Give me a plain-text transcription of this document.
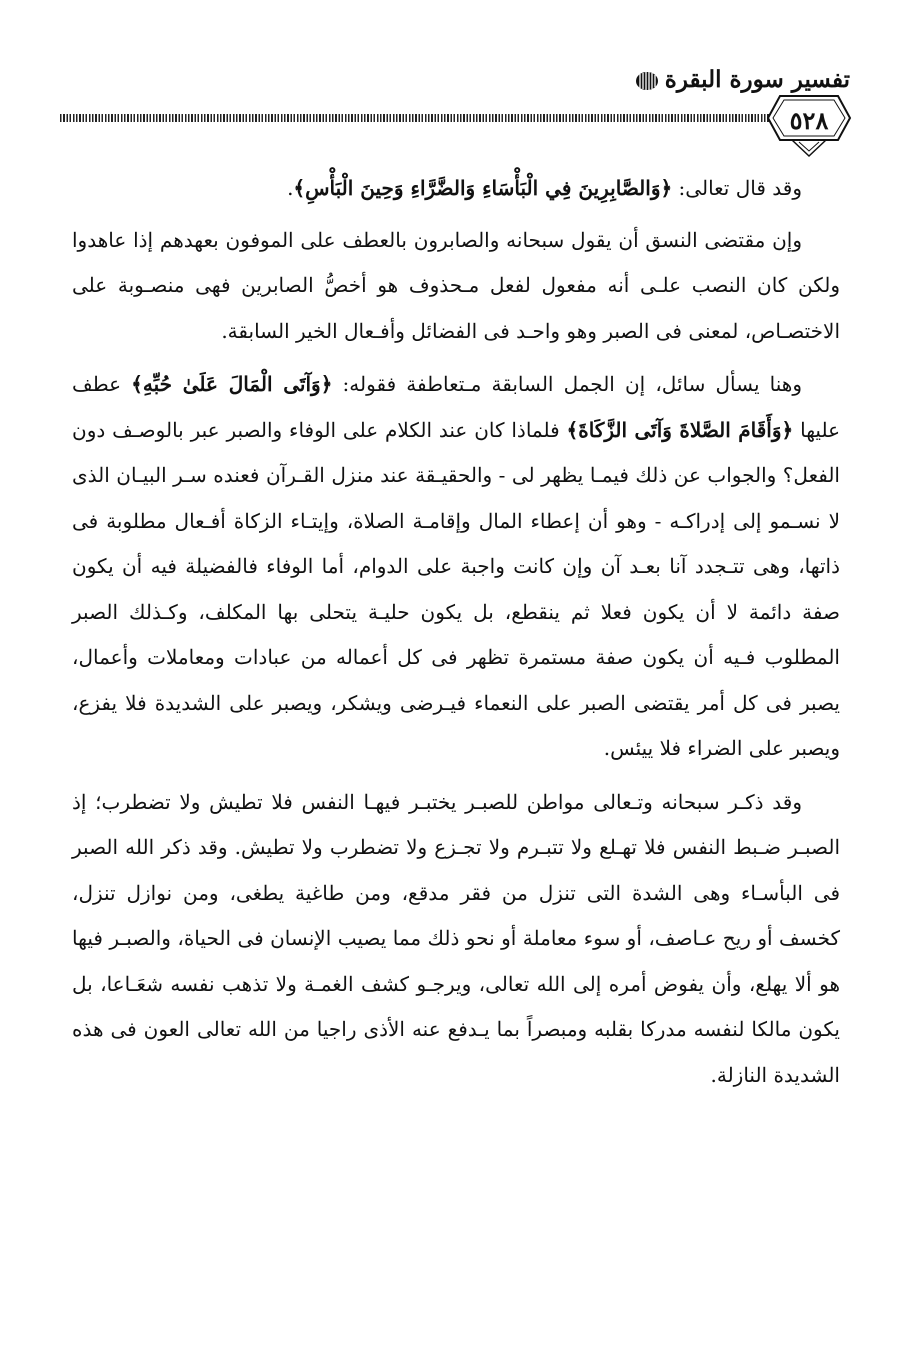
تفسير سورة البقرة
٥٢٨

وقد قال تعالى: ﴿وَالصَّابِرِينَ فِي الْبَأْسَاءِ وَالضَّرَّاءِ وَحِينَ الْبَأْسِ﴾.

وإن مقتضى النسق أن يقول سبحانه والصابرون بالعطف على الموفون بعهدهم إذا عاهدوا ولكن كان النصب علـى أنه مفعول لفعل مـحذوف هو أخصُّ الصابرين فهى منصـوبة على الاختصـاص، لمعنى فى الصبر وهو واحـد فى الفضائل وأفـعال الخير السابقة.

وهنا يسأل سائل، إن الجمل السابقة مـتعاطفة فقوله: ﴿وَآتَى الْمَالَ عَلَىٰ حُبِّهِ﴾ عطف عليها ﴿وَأَقَامَ الصَّلاةَ وَآتَى الزَّكَاةَ﴾ فلماذا كان عند الكلام على الوفاء والصبر عبر بالوصـف دون الفعل؟ والجواب عن ذلك فيمـا يظهر لى - والحقيـقة عند منزل القـرآن فعنده سـر البيـان الذى لا نسـمو إلى إدراكـه - وهو أن إعطاء المال وإقامـة الصلاة، وإيتـاء الزكاة أفـعال مطلوبة فى ذاتها، وهى تتـجدد آنا بعـد آن وإن كانت واجبة على الدوام، أما الوفاء فالفضيلة فيه أن يكون صفة دائمة لا أن يكون فعلا ثم ينقطع، بل يكون حليـة يتحلى بها المكلف، وكـذلك الصبر المطلوب فـيه أن يكون صفة مستمرة تظهر فى كل أعماله من عبادات ومعاملات وأعمال، يصبر فى كل أمر يقتضى الصبر على النعماء فيـرضى ويشكر، ويصبر على الشديدة فلا يفزع، ويصبر على الضراء فلا ييئس.

وقد ذكـر سبحانه وتـعالى مواطن للصبـر يختبـر فيهـا النفس فلا تطيش ولا تضطرب؛ إذ الصبـر ضـبط النفس فلا تهـلع ولا تتبـرم ولا تجـزع ولا تضطرب ولا تطيش. وقد ذكر الله الصبر فى البأسـاء وهى الشدة التى تنزل من فقر مدقع، ومن طاغية يطغى، ومن نوازل تنزل، كخسف أو ريح عـاصف، أو سوء معاملة أو نحو ذلك مما يصيب الإنسان فى الحياة، والصبـر فيها هو ألا يهلع، وأن يفوض أمره إلى الله تعالى، ويرجـو كشف الغمـة ولا تذهب نفسه شعَـاعا، بل يكون مالكا لنفسه مدركا بقلبه ومبصراً بما يـدفع عنه الأذى راجيا من الله تعالى العون فى هذه الشديدة النازلة.
